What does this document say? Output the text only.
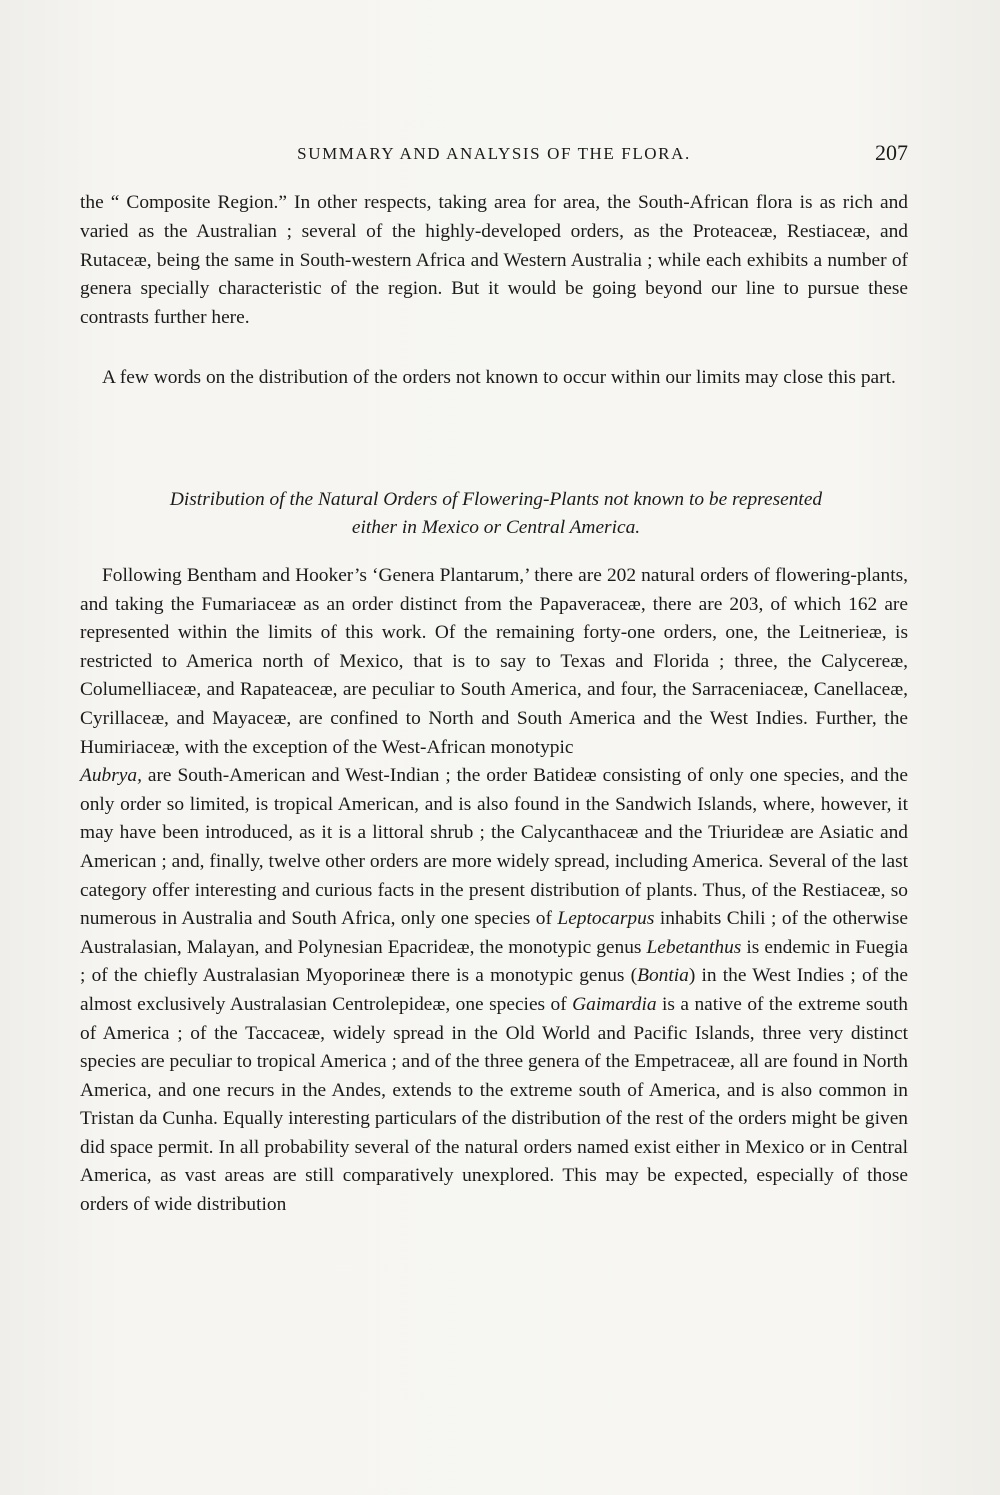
SUMMARY AND ANALYSIS OF THE FLORA.	207

the “ Composite Region.” In other respects, taking area for area, the South-African flora is as rich and varied as the Australian ; several of the highly-developed orders, as the Proteaceæ, Restiaceæ, and Rutaceæ, being the same in South-western Africa and Western Australia ; while each exhibits a number of genera specially characteristic of the region. But it would be going beyond our line to pursue these contrasts further here.

A few words on the distribution of the orders not known to occur within our limits may close this part.

Distribution of the Natural Orders of Flowering-Plants not known to be represented
either in Mexico or Central America.

Following Bentham and Hooker’s ‘Genera Plantarum,’ there are 202 natural orders of flowering-plants, and taking the Fumariaceæ as an order distinct from the Papaveraceæ, there are 203, of which 162 are represented within the limits of this work. Of the remaining forty-one orders, one, the Leitnerieæ, is restricted to America north of Mexico, that is to say to Texas and Florida ; three, the Calycereæ, Columelliaceæ, and Rapateaceæ, are peculiar to South America, and four, the Sarraceniaceæ, Canellaceæ, Cyrillaceæ, and Mayaceæ, are confined to North and South America and the West Indies. Further, the Humiriaceæ, with the exception of the West-African monotypic
Aubrya, are South-American and West-Indian ; the order Batideæ consisting of only one species, and the only order so limited, is tropical American, and is also found in the Sandwich Islands, where, however, it may have been introduced, as it is a littoral shrub ; the Calycanthaceæ and the Triurideæ are Asiatic and American ; and, finally, twelve other orders are more widely spread, including America. Several of the last category offer interesting and curious facts in the present distribution of plants. Thus, of the Restiaceæ, so numerous in Australia and South Africa, only one species of Leptocarpus inhabits Chili ; of the otherwise Australasian, Malayan, and Polynesian Epacrideæ, the monotypic genus Lebetanthus is endemic in Fuegia ; of the chiefly Australasian Myoporineæ there is a monotypic genus (Bontia) in the West Indies ; of the almost exclusively Australasian Centrolepideæ, one species of Gaimardia is a native of the extreme south of America ; of the Taccaceæ, widely spread in the Old World and Pacific Islands, three very distinct species are peculiar to tropical America ; and of the three genera of the Empetraceæ, all are found in North America, and one recurs in the Andes, extends to the extreme south of America, and is also common in Tristan da Cunha. Equally interesting particulars of the distribution of the rest of the orders might be given did space permit. In all probability several of the natural orders named exist either in Mexico or in Central America, as vast areas are still comparatively unexplored. This may be expected, especially of those orders of wide distribution
